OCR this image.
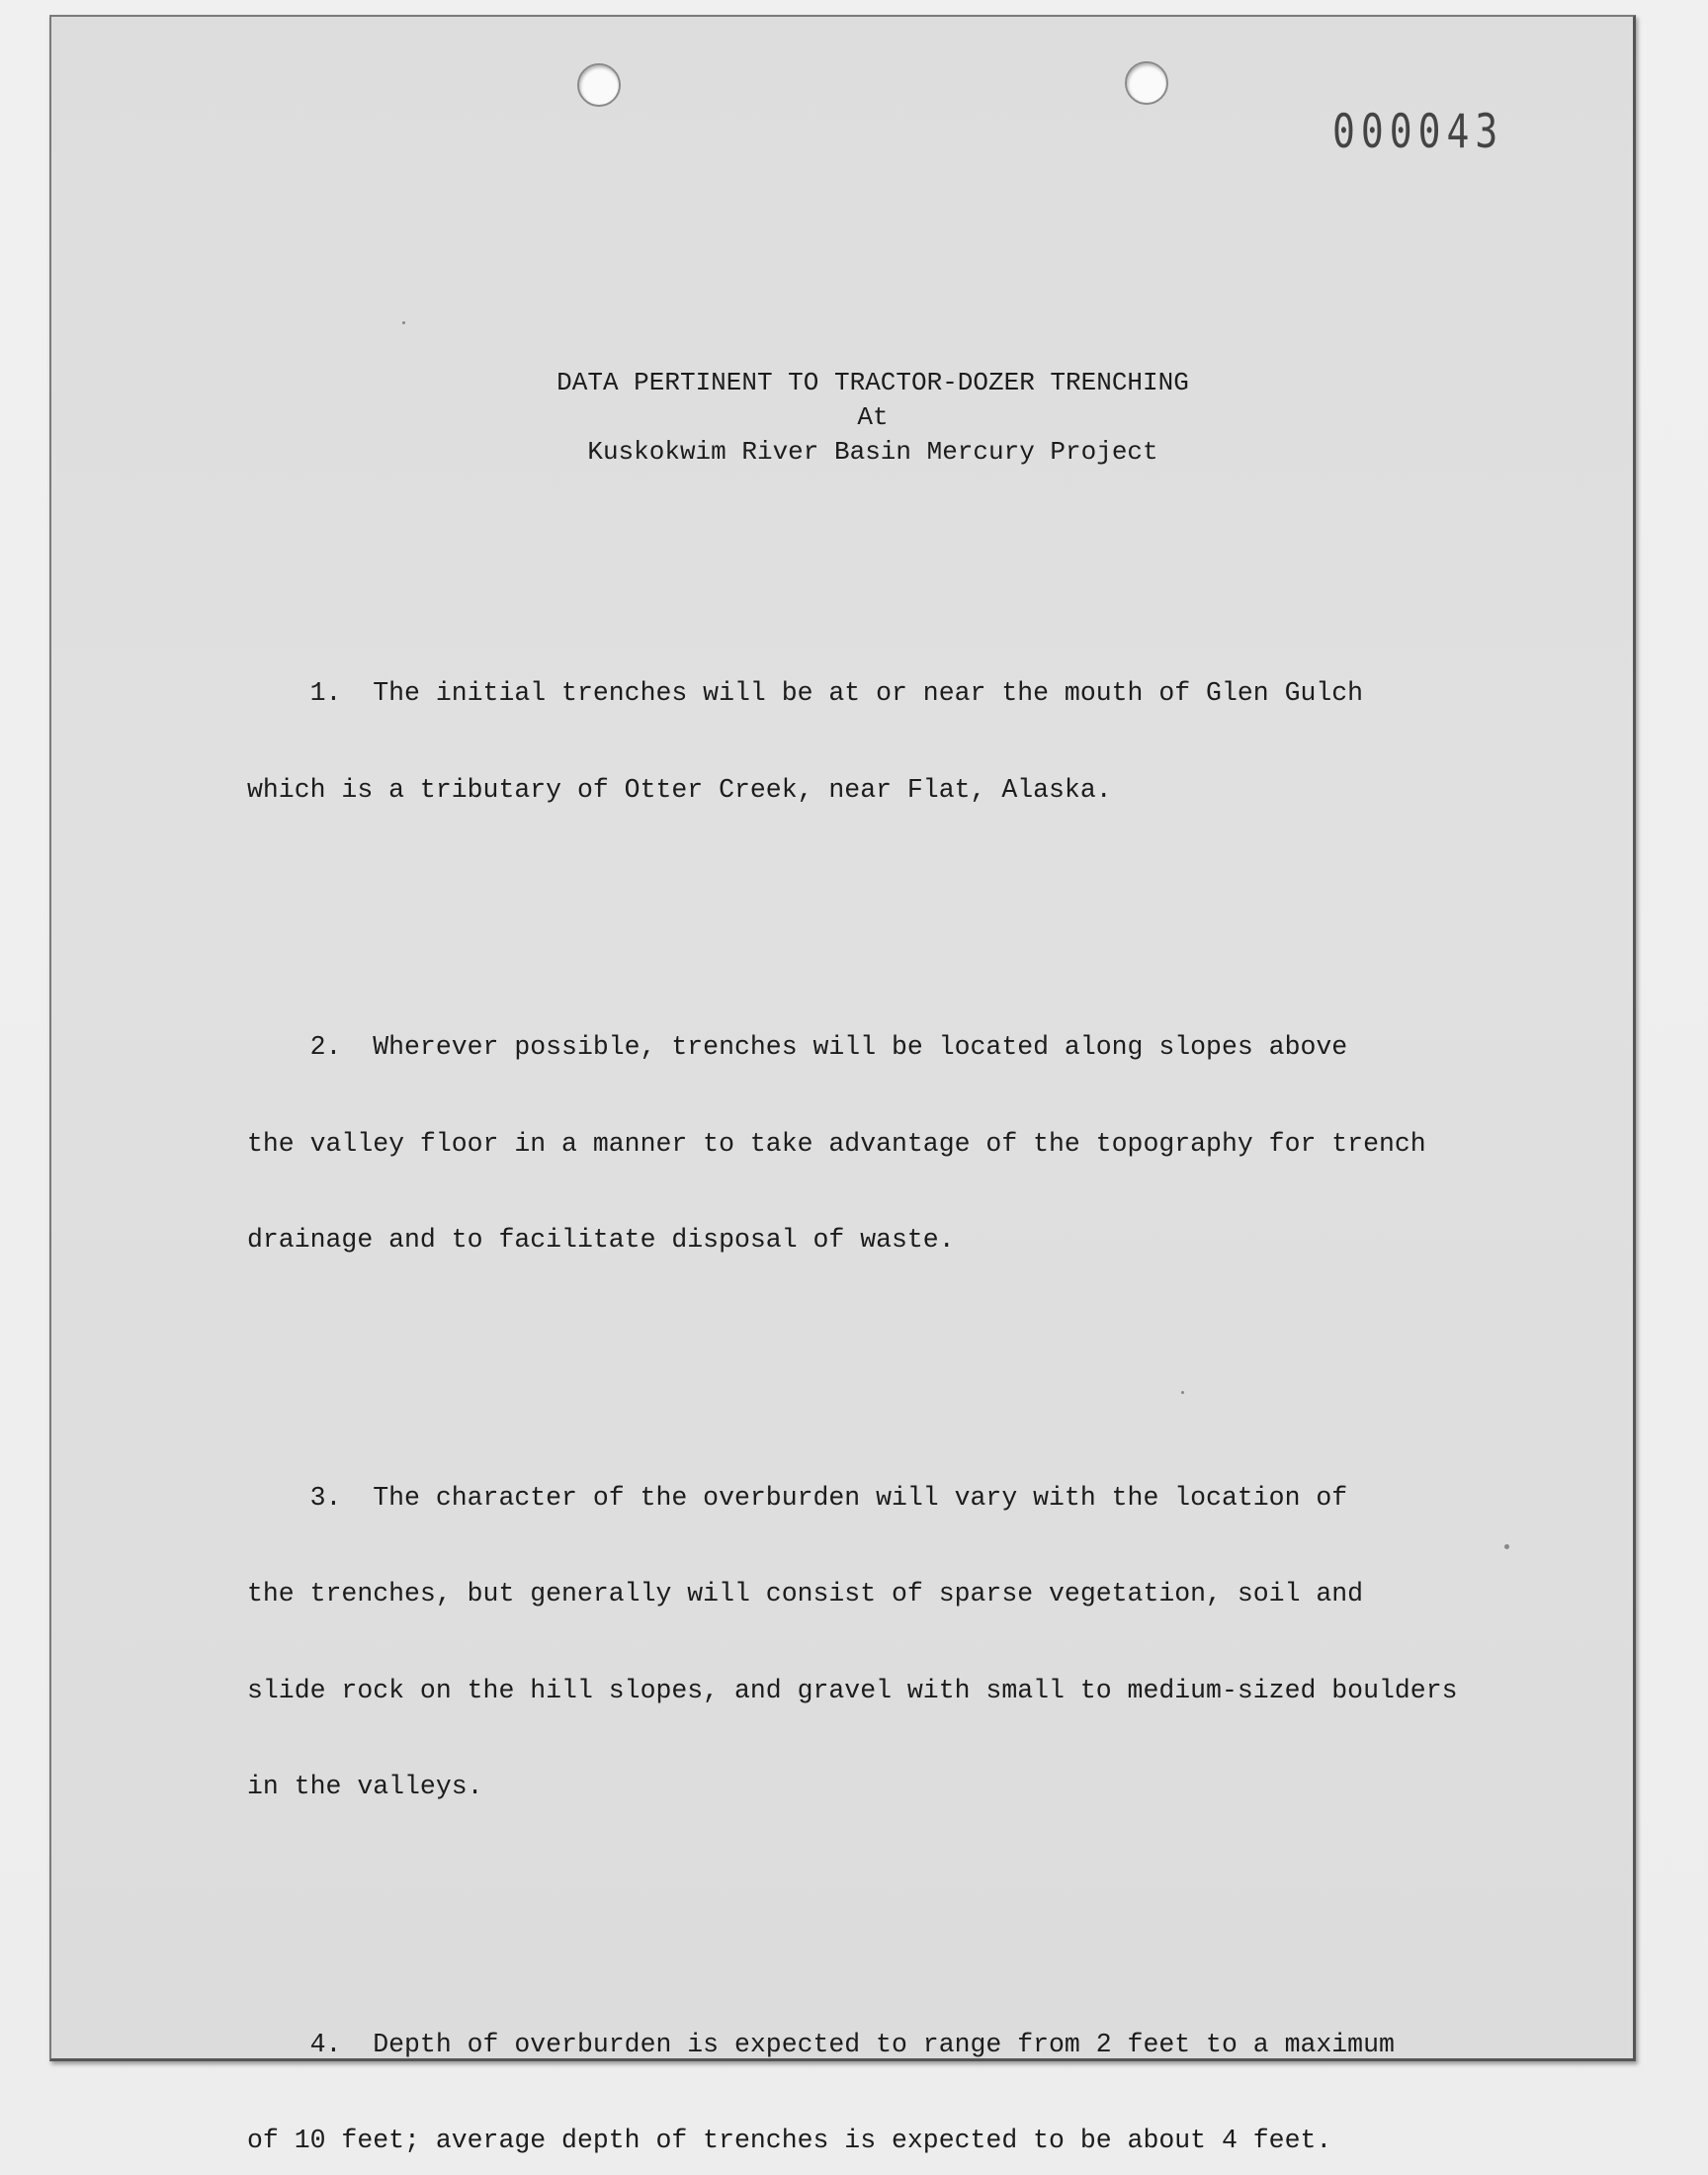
000043
DATA PERTINENT TO TRACTOR-DOZER TRENCHING
At
Kuskokwim River Basin Mercury Project

1.  The initial trenches will be at or near the mouth of Glen Gulch

which is a tributary of Otter Creek, near Flat, Alaska.

2.  Wherever possible, trenches will be located along slopes above

the valley floor in a manner to take advantage of the topography for trench

drainage and to facilitate disposal of waste.

3.  The character of the overburden will vary with the location of

the trenches, but generally will consist of sparse vegetation, soil and

slide rock on the hill slopes, and gravel with small to medium-sized boulders

in the valleys.

4.  Depth of overburden is expected to range from 2 feet to a maximum

of 10 feet; average depth of trenches is expected to be about 4 feet.
